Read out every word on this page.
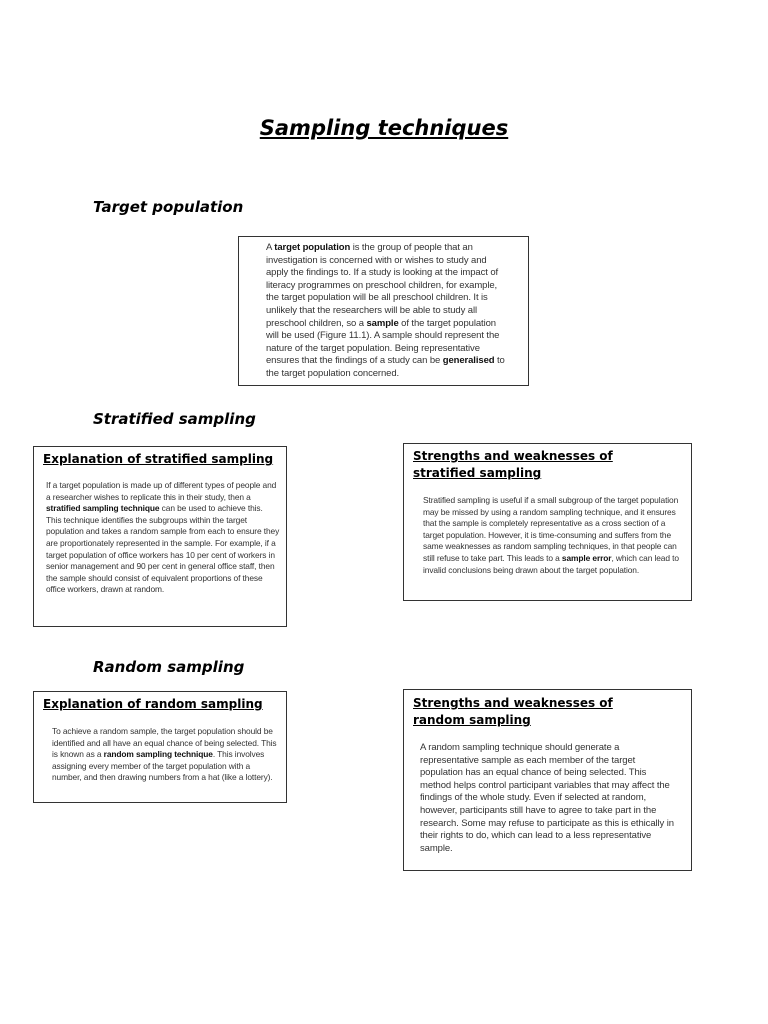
Sampling techniques
Target population

A target population is the group of people that an investigation is concerned with or wishes to study and apply the findings to. If a study is looking at the impact of literacy programmes on preschool children, for example, the target population will be all preschool children. It is unlikely that the researchers will be able to study all preschool children, so a sample of the target population will be used (Figure 11.1). A sample should represent the nature of the target population. Being representative ensures that the findings of a study can be generalised to the target population concerned.

Stratified sampling

Explanation of stratified sampling

If a target population is made up of different types of people and a researcher wishes to replicate this in their study, then a stratified sampling technique can be used to achieve this. This technique identifies the subgroups within the target population and takes a random sample from each to ensure they are proportionately represented in the sample. For example, if a target population of office workers has 10 per cent of workers in senior management and 90 per cent in general office staff, then the sample should consist of equivalent proportions of these office workers, drawn at random.

Strengths and weaknesses of stratified sampling

Stratified sampling is useful if a small subgroup of the target population may be missed by using a random sampling technique, and it ensures that the sample is completely representative as a cross section of a target population. However, it is time-consuming and suffers from the same weaknesses as random sampling techniques, in that people can still refuse to take part. This leads to a sample error, which can lead to invalid conclusions being drawn about the target population.

Random sampling

Explanation of random sampling

To achieve a random sample, the target population should be identified and all have an equal chance of being selected. This is known as a random sampling technique. This involves assigning every member of the target population with a number, and then drawing numbers from a hat (like a lottery).

Strengths and weaknesses of random sampling

A random sampling technique should generate a representative sample as each member of the target population has an equal chance of being selected. This method helps control participant variables that may affect the findings of the whole study. Even if selected at random, however, participants still have to agree to take part in the research. Some may refuse to participate as this is ethically in their rights to do, which can lead to a less representative sample.
